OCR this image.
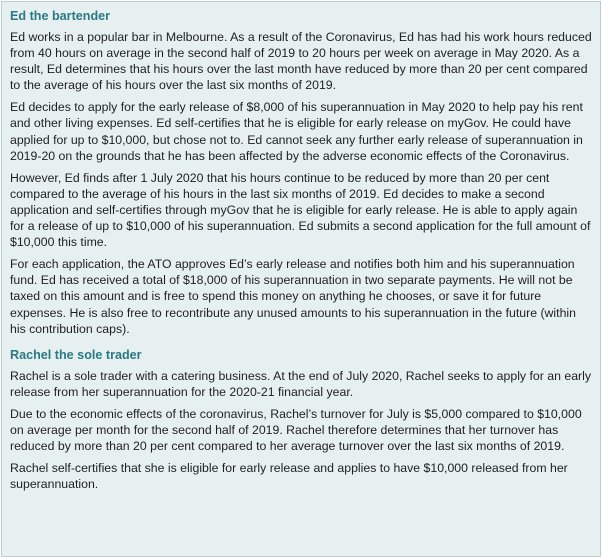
Ed the bartender

Ed works in a popular bar in Melbourne. As a result of the Coronavirus, Ed has had his work hours reduced from 40 hours on average in the second half of 2019 to 20 hours per week on average in May 2020. As a result, Ed determines that his hours over the last month have reduced by more than 20 per cent compared to the average of his hours over the last six months of 2019.

Ed decides to apply for the early release of $8,000 of his superannuation in May 2020 to help pay his rent and other living expenses. Ed self-certifies that he is eligible for early release on myGov. He could have applied for up to $10,000, but chose not to. Ed cannot seek any further early release of superannuation in 2019-20 on the grounds that he has been affected by the adverse economic effects of the Coronavirus.

However, Ed finds after 1 July 2020 that his hours continue to be reduced by more than 20 per cent compared to the average of his hours in the last six months of 2019. Ed decides to make a second application and self-certifies through myGov that he is eligible for early release. He is able to apply again for a release of up to $10,000 of his superannuation. Ed submits a second application for the full amount of $10,000 this time.

For each application, the ATO approves Ed’s early release and notifies both him and his superannuation fund. Ed has received a total of $18,000 of his superannuation in two separate payments. He will not be taxed on this amount and is free to spend this money on anything he chooses, or save it for future expenses. He is also free to recontribute any unused amounts to his superannuation in the future (within his contribution caps).

Rachel the sole trader

Rachel is a sole trader with a catering business. At the end of July 2020, Rachel seeks to apply for an early release from her superannuation for the 2020-21 financial year.

Due to the economic effects of the coronavirus, Rachel’s turnover for July is $5,000 compared to $10,000 on average per month for the second half of 2019. Rachel therefore determines that her turnover has reduced by more than 20 per cent compared to her average turnover over the last six months of 2019.

Rachel self-certifies that she is eligible for early release and applies to have $10,000 released from her superannuation.
